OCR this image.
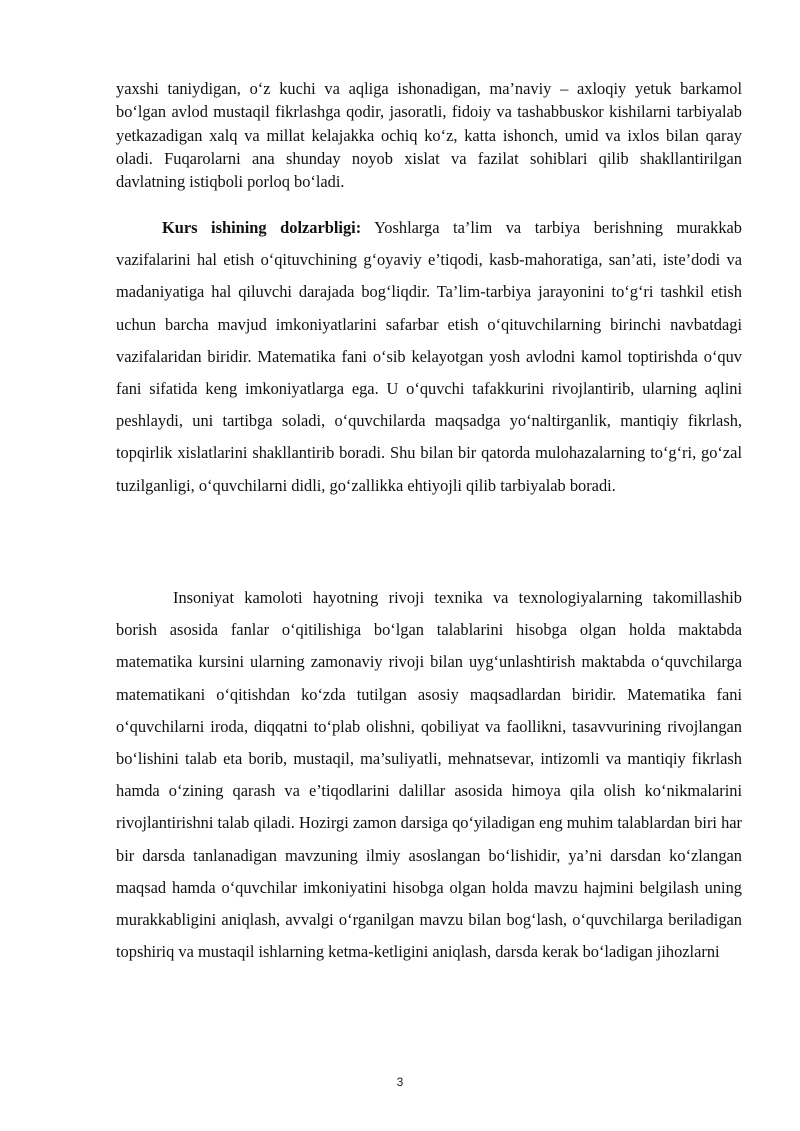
yaxshi taniydigan, o‘z kuchi va aqliga ishonadigan, ma’naviy – axloqiy yetuk barkamol bo‘lgan avlod mustaqil fikrlashga qodir, jasoratli, fidoiy va tashabbuskor kishilarni tarbiyalab yetkazadigan xalq va millat kelajakka ochiq ko‘z, katta ishonch, umid va ixlos bilan qaray oladi. Fuqarolarni ana shunday noyob xislat va fazilat sohiblari qilib shakllantirilgan davlatning istiqboli porloq bo‘ladi.

Kurs ishining dolzarbligi: Yoshlarga ta’lim va tarbiya berishning murakkab vazifalarini hal etish o‘qituvchining g‘oyaviy e’tiqodi, kasb-mahoratiga, san’ati, iste’dodi va madaniyatiga hal qiluvchi darajada bog‘liqdir. Ta’lim-tarbiya jarayonini to‘g‘ri tashkil etish uchun barcha mavjud imkoniyatlarini safarbar etish o‘qituvchilarning birinchi navbatdagi vazifalaridan biridir. Matematika fani o‘sib kelayotgan yosh avlodni kamol toptirishda o‘quv fani sifatida keng imkoniyatlarga ega. U o‘quvchi tafakkurini rivojlantirib, ularning aqlini peshlaydi, uni tartibga soladi, o‘quvchilarda maqsadga yo‘naltirganlik, mantiqiy fikrlash, topqirlik xislatlarini shakllantirib boradi. Shu bilan bir qatorda mulohazalarning to‘g‘ri, go‘zal tuzilganligi, o‘quvchilarni didli, go‘zallikka ehtiyojli qilib tarbiyalab boradi.

Insoniyat kamoloti hayotning rivoji texnika va texnologiyalarning takomillashib borish asosida fanlar o‘qitilishiga bo‘lgan talablarini hisobga olgan holda maktabda matematika kursini ularning zamonaviy rivoji bilan uyg‘unlashtirish maktabda o‘quvchilarga matematikani o‘qitishdan ko‘zda tutilgan asosiy maqsadlardan biridir. Matematika fani o‘quvchilarni iroda, diqqatni to‘plab olishni, qobiliyat va faollikni, tasavvurining rivojlangan bo‘lishini talab eta borib, mustaqil, ma’suliyatli, mehnatsevar, intizomli va mantiqiy fikrlash hamda o‘zining qarash va e’tiqodlarini dalillar asosida himoya qila olish ko‘nikmalarini rivojlantirishni talab qiladi. Hozirgi zamon darsiga qo‘yiladigan eng muhim talablardan biri har bir darsda tanlanadigan mavzuning ilmiy asoslangan bo‘lishidir, ya’ni darsdan ko‘zlangan maqsad hamda o‘quvchilar imkoniyatini hisobga olgan holda mavzu hajmini belgilash uning murakkabligini aniqlash, avvalgi o‘rganilgan mavzu bilan bog‘lash, o‘quvchilarga beriladigan topshiriq va mustaqil ishlarning ketma-ketligini aniqlash, darsda kerak bo‘ladigan jihozlarni

3
